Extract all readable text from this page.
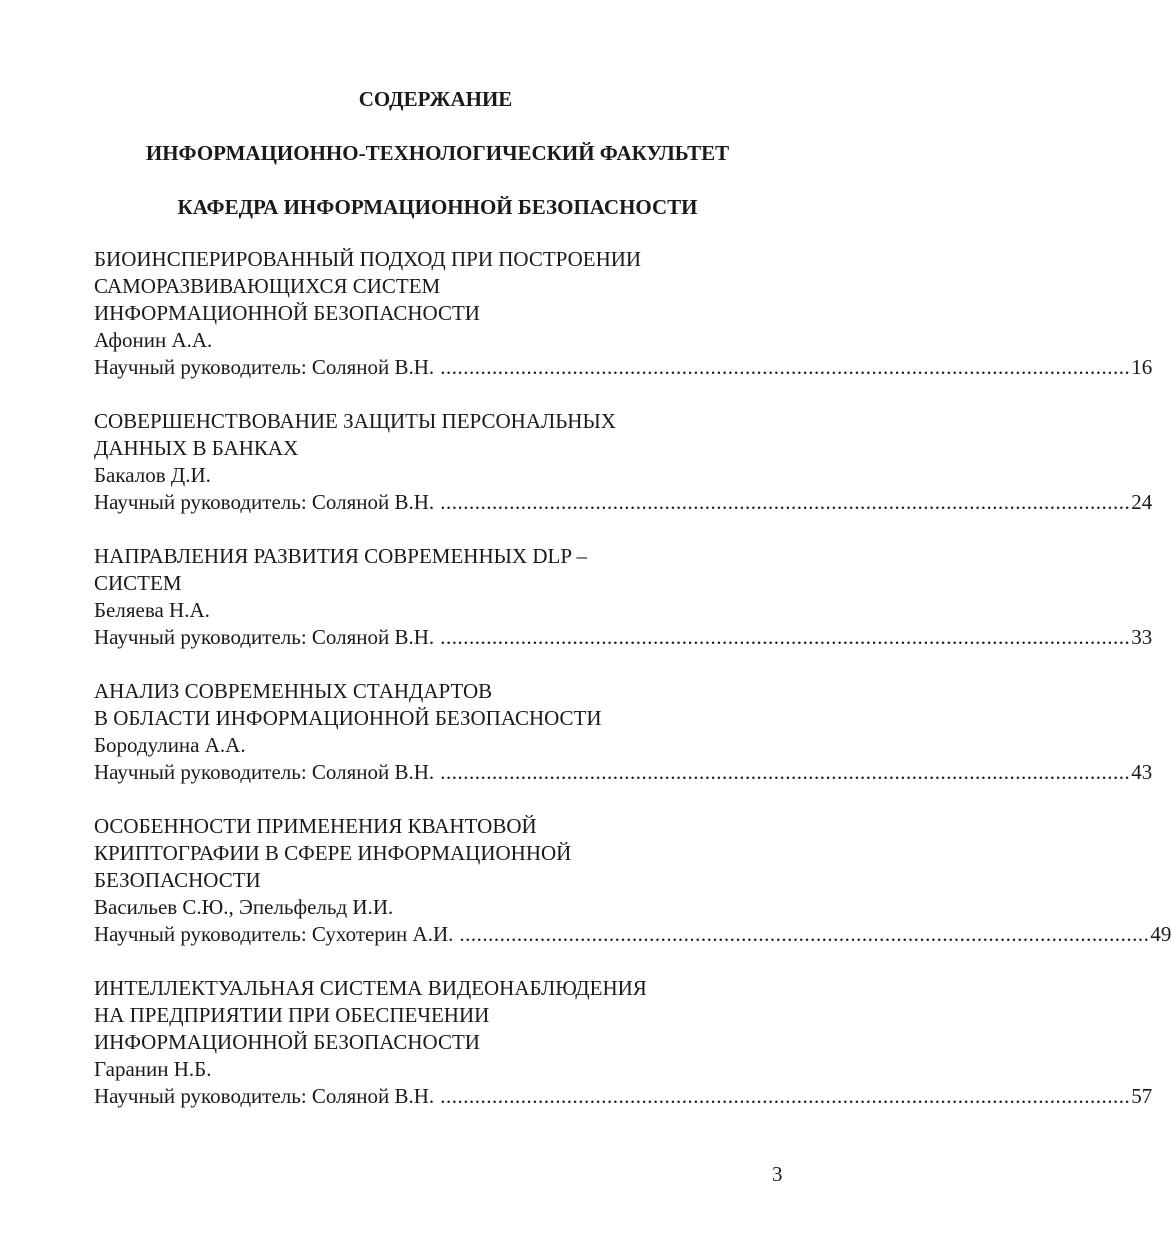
СОДЕРЖАНИЕ
ИНФОРМАЦИОННО-ТЕХНОЛОГИЧЕСКИЙ ФАКУЛЬТЕТ
КАФЕДРА ИНФОРМАЦИОННОЙ БЕЗОПАСНОСТИ
БИОИНСПЕРИРОВАННЫЙ ПОДХОД ПРИ ПОСТРОЕНИИ
САМОРАЗВИВАЮЩИХСЯ СИСТЕМ
ИНФОРМАЦИОННОЙ БЕЗОПАСНОСТИ
Афонин А.А.
Научный руководитель: Соляной В.Н. ........................................................................................................................ 16
СОВЕРШЕНСТВОВАНИЕ ЗАЩИТЫ ПЕРСОНАЛЬНЫХ
ДАННЫХ В БАНКАХ
Бакалов Д.И.
Научный руководитель: Соляной В.Н. ........................................................................................................................ 24
НАПРАВЛЕНИЯ РАЗВИТИЯ СОВРЕМЕННЫХ DLP –
СИСТЕМ
Беляева Н.А.
Научный руководитель: Соляной В.Н. ........................................................................................................................ 33
АНАЛИЗ СОВРЕМЕННЫХ СТАНДАРТОВ
В ОБЛАСТИ ИНФОРМАЦИОННОЙ БЕЗОПАСНОСТИ
Бородулина А.А.
Научный руководитель: Соляной В.Н. ........................................................................................................................ 43
ОСОБЕННОСТИ ПРИМЕНЕНИЯ КВАНТОВОЙ
КРИПТОГРАФИИ В СФЕРЕ ИНФОРМАЦИОННОЙ
БЕЗОПАСНОСТИ
Васильев С.Ю., Эпельфельд И.И.
Научный руководитель: Сухотерин А.И. ........................................................................................................................ 49
ИНТЕЛЛЕКТУАЛЬНАЯ СИСТЕМА ВИДЕОНАБЛЮДЕНИЯ
НА ПРЕДПРИЯТИИ ПРИ ОБЕСПЕЧЕНИИ
ИНФОРМАЦИОННОЙ БЕЗОПАСНОСТИ
Гаранин Н.Б.
Научный руководитель: Соляной В.Н. ........................................................................................................................ 57
3
